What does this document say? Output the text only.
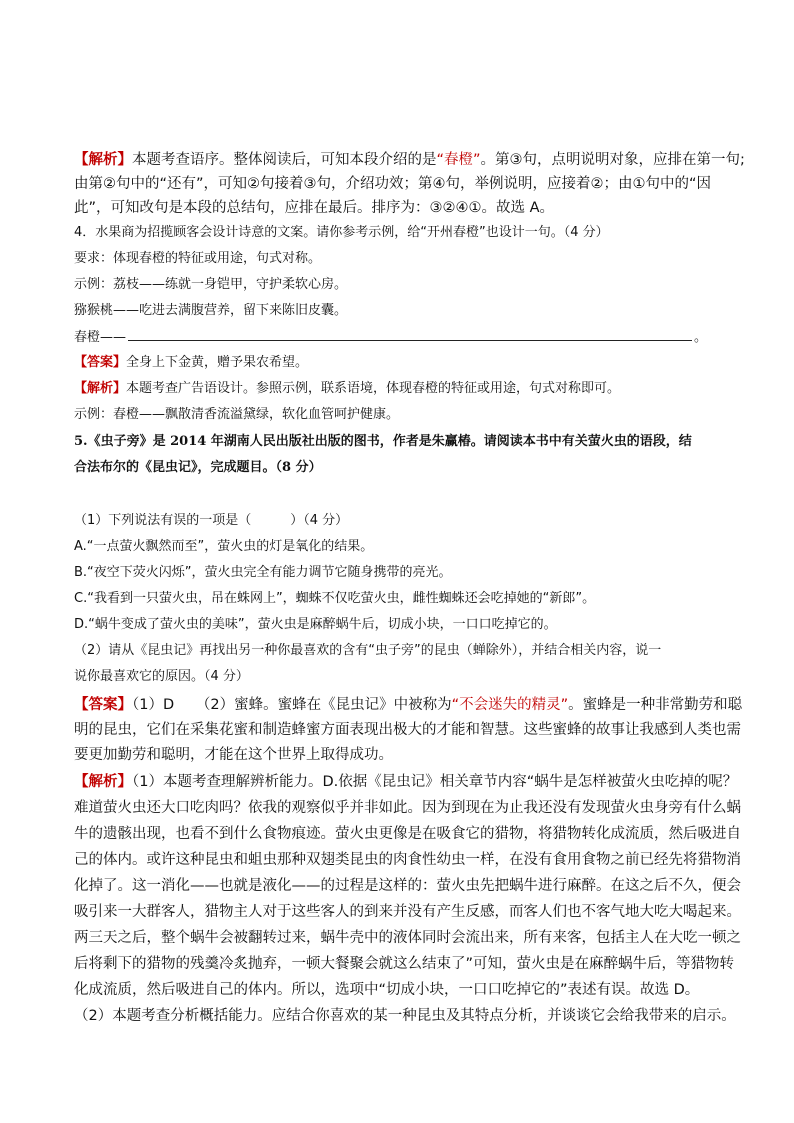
【解析】本题考查语序。整体阅读后，可知本段介绍的是“春橙”。第③句，点明说明对象，应排在第一句;
由第②句中的“还有”，可知②句接着③句，介绍功效；第④句，举例说明，应接着②；由①句中的“因
此”，可知改句是本段的总结句，应排在最后。排序为：③②④①。故选 A。
4．水果商为招揽顾客会设计诗意的文案。请你参考示例，给“开州春橙”也设计一句。（4 分）
要求：体现春橙的特征或用途，句式对称。
示例：荔枝——练就一身铠甲，守护柔软心房。
猕猴桃——吃进去满腹营养，留下来陈旧皮囊。
春橙——	。
【答案】全身上下金黄，赠予果农希望。
【解析】本题考查广告语设计。参照示例，联系语境，体现春橙的特征或用途，句式对称即可。
示例：春橙——飘散清香流溢黛绿，软化血管呵护健康。
5.《虫子旁》是 2014 年湖南人民出版社出版的图书，作者是朱赢椿。请阅读本书中有关萤火虫的语段，结
合法布尔的《昆虫记》，完成题目。（8 分）
（1）下列说法有误的一项是（　　　）（4 分）
A.“一点萤火飘然而至”，萤火虫的灯是氧化的结果。
B.“夜空下荧火闪烁”，萤火虫完全有能力调节它随身携带的亮光。
C.“我看到一只萤火虫，吊在蛛网上”，蜘蛛不仅吃萤火虫，雌性蜘蛛还会吃掉她的“新郎”。
D.“蜗牛变成了萤火虫的美味”，萤火虫是麻醉蜗牛后，切成小块，一口口吃掉它的。
（2）请从《昆虫记》再找出另一种你最喜欢的含有“虫子旁”的昆虫（蝉除外），并结合相关内容，说一
说你最喜欢它的原因。（4 分）
【答案】（1）D　　（2）蜜蜂。蜜蜂在《昆虫记》中被称为“不会迷失的精灵”。蜜蜂是一种非常勤劳和聪
明的昆虫，它们在采集花蜜和制造蜂蜜方面表现出极大的才能和智慧。这些蜜蜂的故事让我感到人类也需
要更加勤劳和聪明，才能在这个世界上取得成功。
【解析】（1）本题考查理解辨析能力。D.依据《昆虫记》相关章节内容“蜗牛是怎样被萤火虫吃掉的呢？
难道萤火虫还大口吃肉吗？依我的观察似乎并非如此。因为到现在为止我还没有发现萤火虫身旁有什么蜗
牛的遗骸出现，也看不到什么食物痕迹。萤火虫更像是在吸食它的猎物，将猎物转化成流质，然后吸进自
己的体内。或许这种昆虫和蛆虫那种双翅类昆虫的肉食性幼虫一样，在没有食用食物之前已经先将猎物消
化掉了。这一消化——也就是液化——的过程是这样的：萤火虫先把蜗牛进行麻醉。在这之后不久，便会
吸引来一大群客人，猎物主人对于这些客人的到来并没有产生反感，而客人们也不客气地大吃大喝起来。
两三天之后，整个蜗牛会被翻转过来，蜗牛壳中的液体同时会流出来，所有来客，包括主人在大吃一顿之
后将剩下的猎物的残羹冷炙抛弃，一顿大餐聚会就这么结束了”可知，萤火虫是在麻醉蜗牛后，等猎物转
化成流质，然后吸进自己的体内。所以，选项中“切成小块，一口口吃掉它的”表述有误。故选 D。
（2）本题考查分析概括能力。应结合你喜欢的某一种昆虫及其特点分析，并谈谈它会给我带来的启示。
